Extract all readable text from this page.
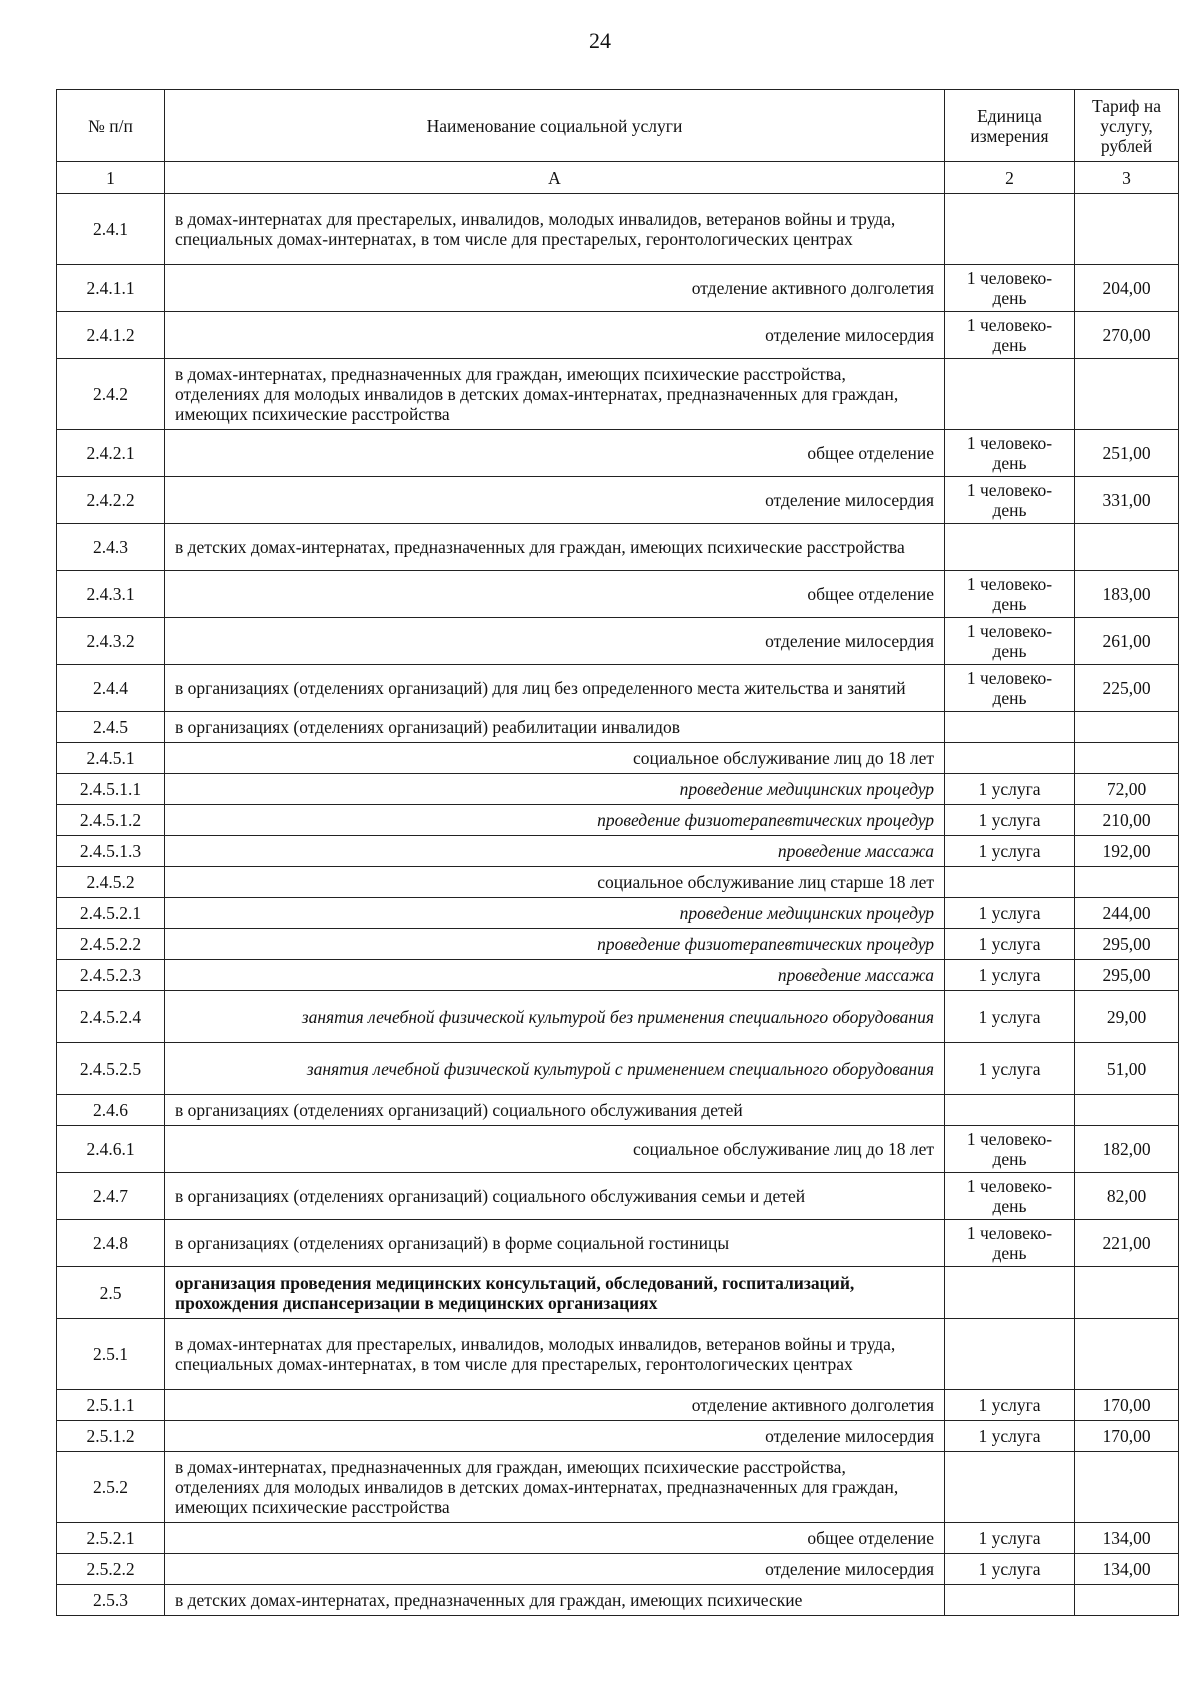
24
№ п/п	Наименование социальной услуги	Единица измерения	Тариф на услугу, рублей
1	А	2	3
2.4.1	в домах-интернатах для престарелых, инвалидов, молодых инвалидов, ветеранов войны и труда, специальных домах-интернатах, в том числе для престарелых, геронтологических центрах		
2.4.1.1	отделение активного долголетия	1 человеко-день	204,00
2.4.1.2	отделение милосердия	1 человеко-день	270,00
2.4.2	в домах-интернатах, предназначенных для граждан, имеющих психические расстройства, отделениях для молодых инвалидов в детских домах-интернатах, предназначенных для граждан, имеющих психические расстройства		
2.4.2.1	общее отделение	1 человеко-день	251,00
2.4.2.2	отделение милосердия	1 человеко-день	331,00
2.4.3	в детских домах-интернатах, предназначенных для граждан, имеющих психические расстройства		
2.4.3.1	общее отделение	1 человеко-день	183,00
2.4.3.2	отделение милосердия	1 человеко-день	261,00
2.4.4	в организациях (отделениях организаций) для лиц без определенного места жительства и занятий	1 человеко-день	225,00
2.4.5	в организациях (отделениях организаций) реабилитации инвалидов		
2.4.5.1	социальное обслуживание лиц до 18 лет		
2.4.5.1.1	проведение медицинских процедур	1 услуга	72,00
2.4.5.1.2	проведение физиотерапевтических процедур	1 услуга	210,00
2.4.5.1.3	проведение массажа	1 услуга	192,00
2.4.5.2	социальное обслуживание лиц старше 18 лет		
2.4.5.2.1	проведение медицинских процедур	1 услуга	244,00
2.4.5.2.2	проведение физиотерапевтических процедур	1 услуга	295,00
2.4.5.2.3	проведение массажа	1 услуга	295,00
2.4.5.2.4	занятия лечебной физической культурой без применения специального оборудования	1 услуга	29,00
2.4.5.2.5	занятия лечебной физической культурой с применением специального оборудования	1 услуга	51,00
2.4.6	в организациях (отделениях организаций) социального обслуживания детей		
2.4.6.1	социальное обслуживание лиц до 18 лет	1 человеко-день	182,00
2.4.7	в организациях (отделениях организаций) социального обслуживания семьи и детей	1 человеко-день	82,00
2.4.8	в организациях (отделениях организаций) в форме социальной гостиницы	1 человеко-день	221,00
2.5	организация проведения медицинских консультаций, обследований, госпитализаций, прохождения диспансеризации в медицинских организациях		
2.5.1	в домах-интернатах для престарелых, инвалидов, молодых инвалидов, ветеранов войны и труда, специальных домах-интернатах, в том числе для престарелых, геронтологических центрах		
2.5.1.1	отделение активного долголетия	1 услуга	170,00
2.5.1.2	отделение милосердия	1 услуга	170,00
2.5.2	в домах-интернатах, предназначенных для граждан, имеющих психические расстройства, отделениях для молодых инвалидов в детских домах-интернатах, предназначенных для граждан, имеющих психические расстройства		
2.5.2.1	общее отделение	1 услуга	134,00
2.5.2.2	отделение милосердия	1 услуга	134,00
2.5.3	в детских домах-интернатах, предназначенных для граждан, имеющих психические		
